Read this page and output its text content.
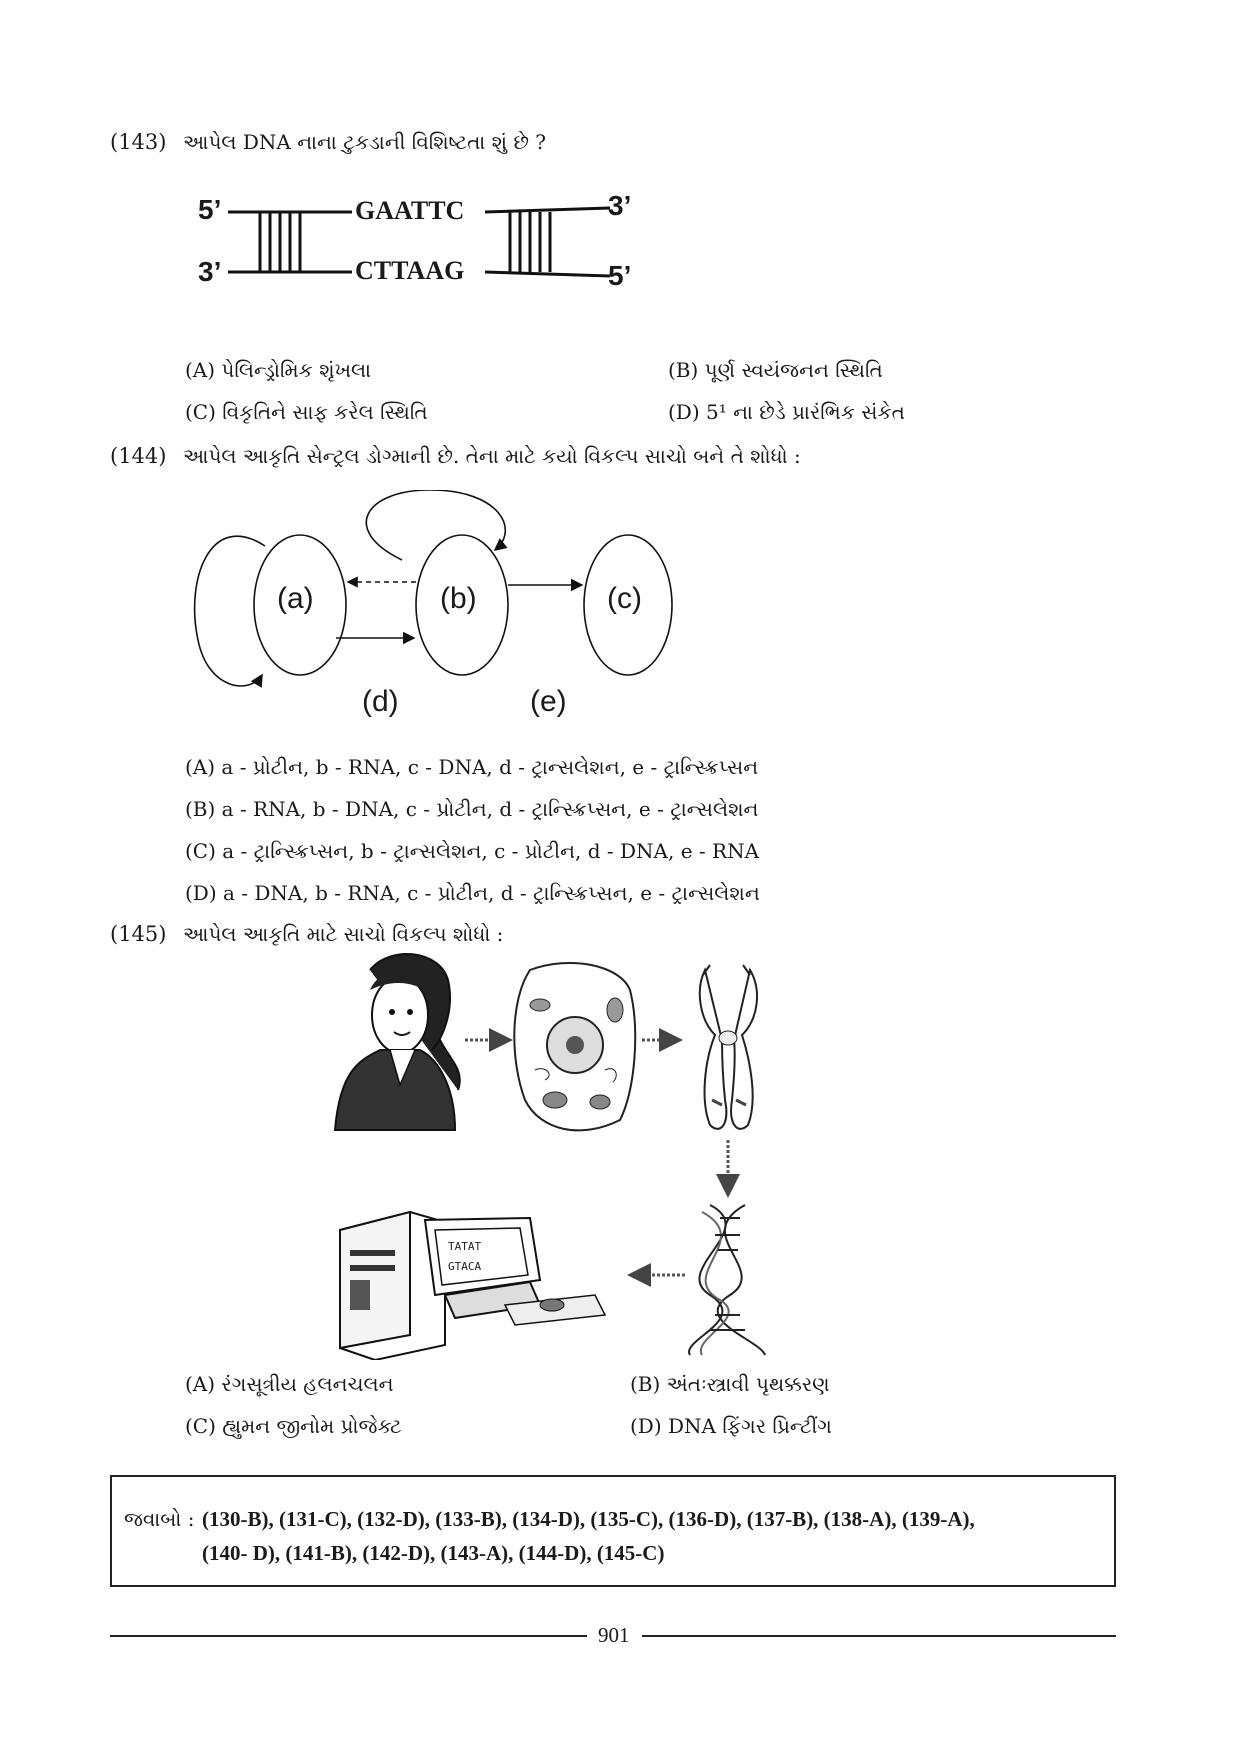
(143) આપેલ DNA નાના ટુકડાની વિશિષ્ટતા શું છે ?
5’	GAATTC	3’
3’	CTTAAG	5’
(A) પેલિન્ડ્રોમિક શૃંખલા	(B) પૂર્ણ સ્વયંજનન સ્થિતિ
(C) વિકૃતિને સાફ કરેલ સ્થિતિ	(D) 5¹ ના છેડે પ્રારંભિક સંકેત
(144) આપેલ આકૃતિ સેન્ટ્રલ ડોગ્માની છે. તેના માટે કયો વિકલ્પ સાચો બને તે શોધો :
(a)	(b)	(c)
(d)	(e)
(A) a - પ્રોટીન, b - RNA, c - DNA, d - ટ્રાન્સલેશન, e - ટ્રાન્સ્ક્રિપ્સન
(B) a - RNA, b - DNA, c - પ્રોટીન, d - ટ્રાન્સ્ક્રિપ્સન, e - ટ્રાન્સલેશન
(C) a - ટ્રાન્સ્ક્રિપ્સન, b - ટ્રાન્સલેશન, c - પ્રોટીન, d - DNA, e - RNA
(D) a - DNA, b - RNA, c - પ્રોટીન, d - ટ્રાન્સ્ક્રિપ્સન, e - ટ્રાન્સલેશન
(145) આપેલ આકૃતિ માટે સાચો વિકલ્પ શોધો :
TATAT
GTACA
(A) રંગસૂત્રીય હલનચલન	(B) અંતઃસ્ત્રાવી પૃથક્કરણ
(C) હ્યુમન જીનોમ પ્રોજેક્ટ	(D) DNA ફિંગર પ્રિન્ટીંગ
જવાબો : (130-B), (131-C), (132-D), (133-B), (134-D), (135-C), (136-D), (137-B), (138-A), (139-A),
(140- D), (141-B), (142-D), (143-A), (144-D), (145-C)
901
